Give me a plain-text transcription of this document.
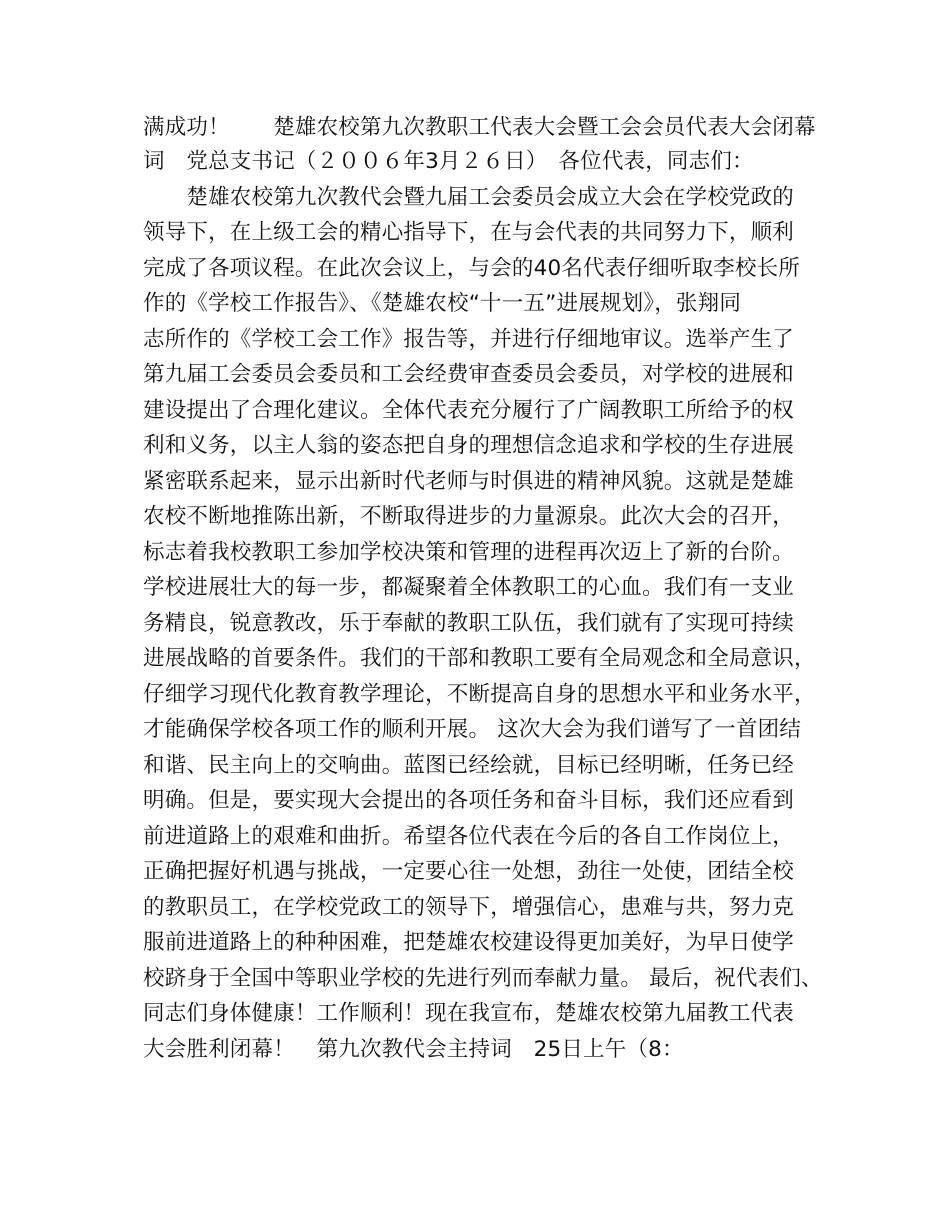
满成功！　　楚雄农校第九次教职工代表大会暨工会会员代表大会闭幕

词　党总支书记（２００６年3月２６日）　各位代表，同志们：

　　楚雄农校第九次教代会暨九届工会委员会成立大会在学校党政的

领导下，在上级工会的精心指导下，在与会代表的共同努力下，顺利

完成了各项议程。在此次会议上，与会的40名代表仔细听取李校长所

作的《学校工作报告》、《楚雄农校“十一五”进展规划》，张翔同

志所作的《学校工会工作》报告等，并进行仔细地审议。选举产生了

第九届工会委员会委员和工会经费审查委员会委员，对学校的进展和

建设提出了合理化建议。全体代表充分履行了广阔教职工所给予的权

利和义务，以主人翁的姿态把自身的理想信念追求和学校的生存进展

紧密联系起来，显示出新时代老师与时俱进的精神风貌。这就是楚雄

农校不断地推陈出新，不断取得进步的力量源泉。此次大会的召开，

标志着我校教职工参加学校决策和管理的进程再次迈上了新的台阶。

学校进展壮大的每一步，都凝聚着全体教职工的心血。我们有一支业

务精良，锐意教改，乐于奉献的教职工队伍，我们就有了实现可持续

进展战略的首要条件。我们的干部和教职工要有全局观念和全局意识，

仔细学习现代化教育教学理论，不断提高自身的思想水平和业务水平，

才能确保学校各项工作的顺利开展。 这次大会为我们谱写了一首团结

和谐、民主向上的交响曲。蓝图已经绘就，目标已经明晰，任务已经

明确。但是，要实现大会提出的各项任务和奋斗目标，我们还应看到

前进道路上的艰难和曲折。希望各位代表在今后的各自工作岗位上，

正确把握好机遇与挑战，一定要心往一处想，劲往一处使，团结全校

的教职员工，在学校党政工的领导下，增强信心，患难与共，努力克

服前进道路上的种种困难，把楚雄农校建设得更加美好，为早日使学

校跻身于全国中等职业学校的先进行列而奉献力量。 最后，祝代表们、

同志们身体健康！工作顺利！现在我宣布，楚雄农校第九届教工代表

大会胜利闭幕！　第九次教代会主持词　25日上午（8：
